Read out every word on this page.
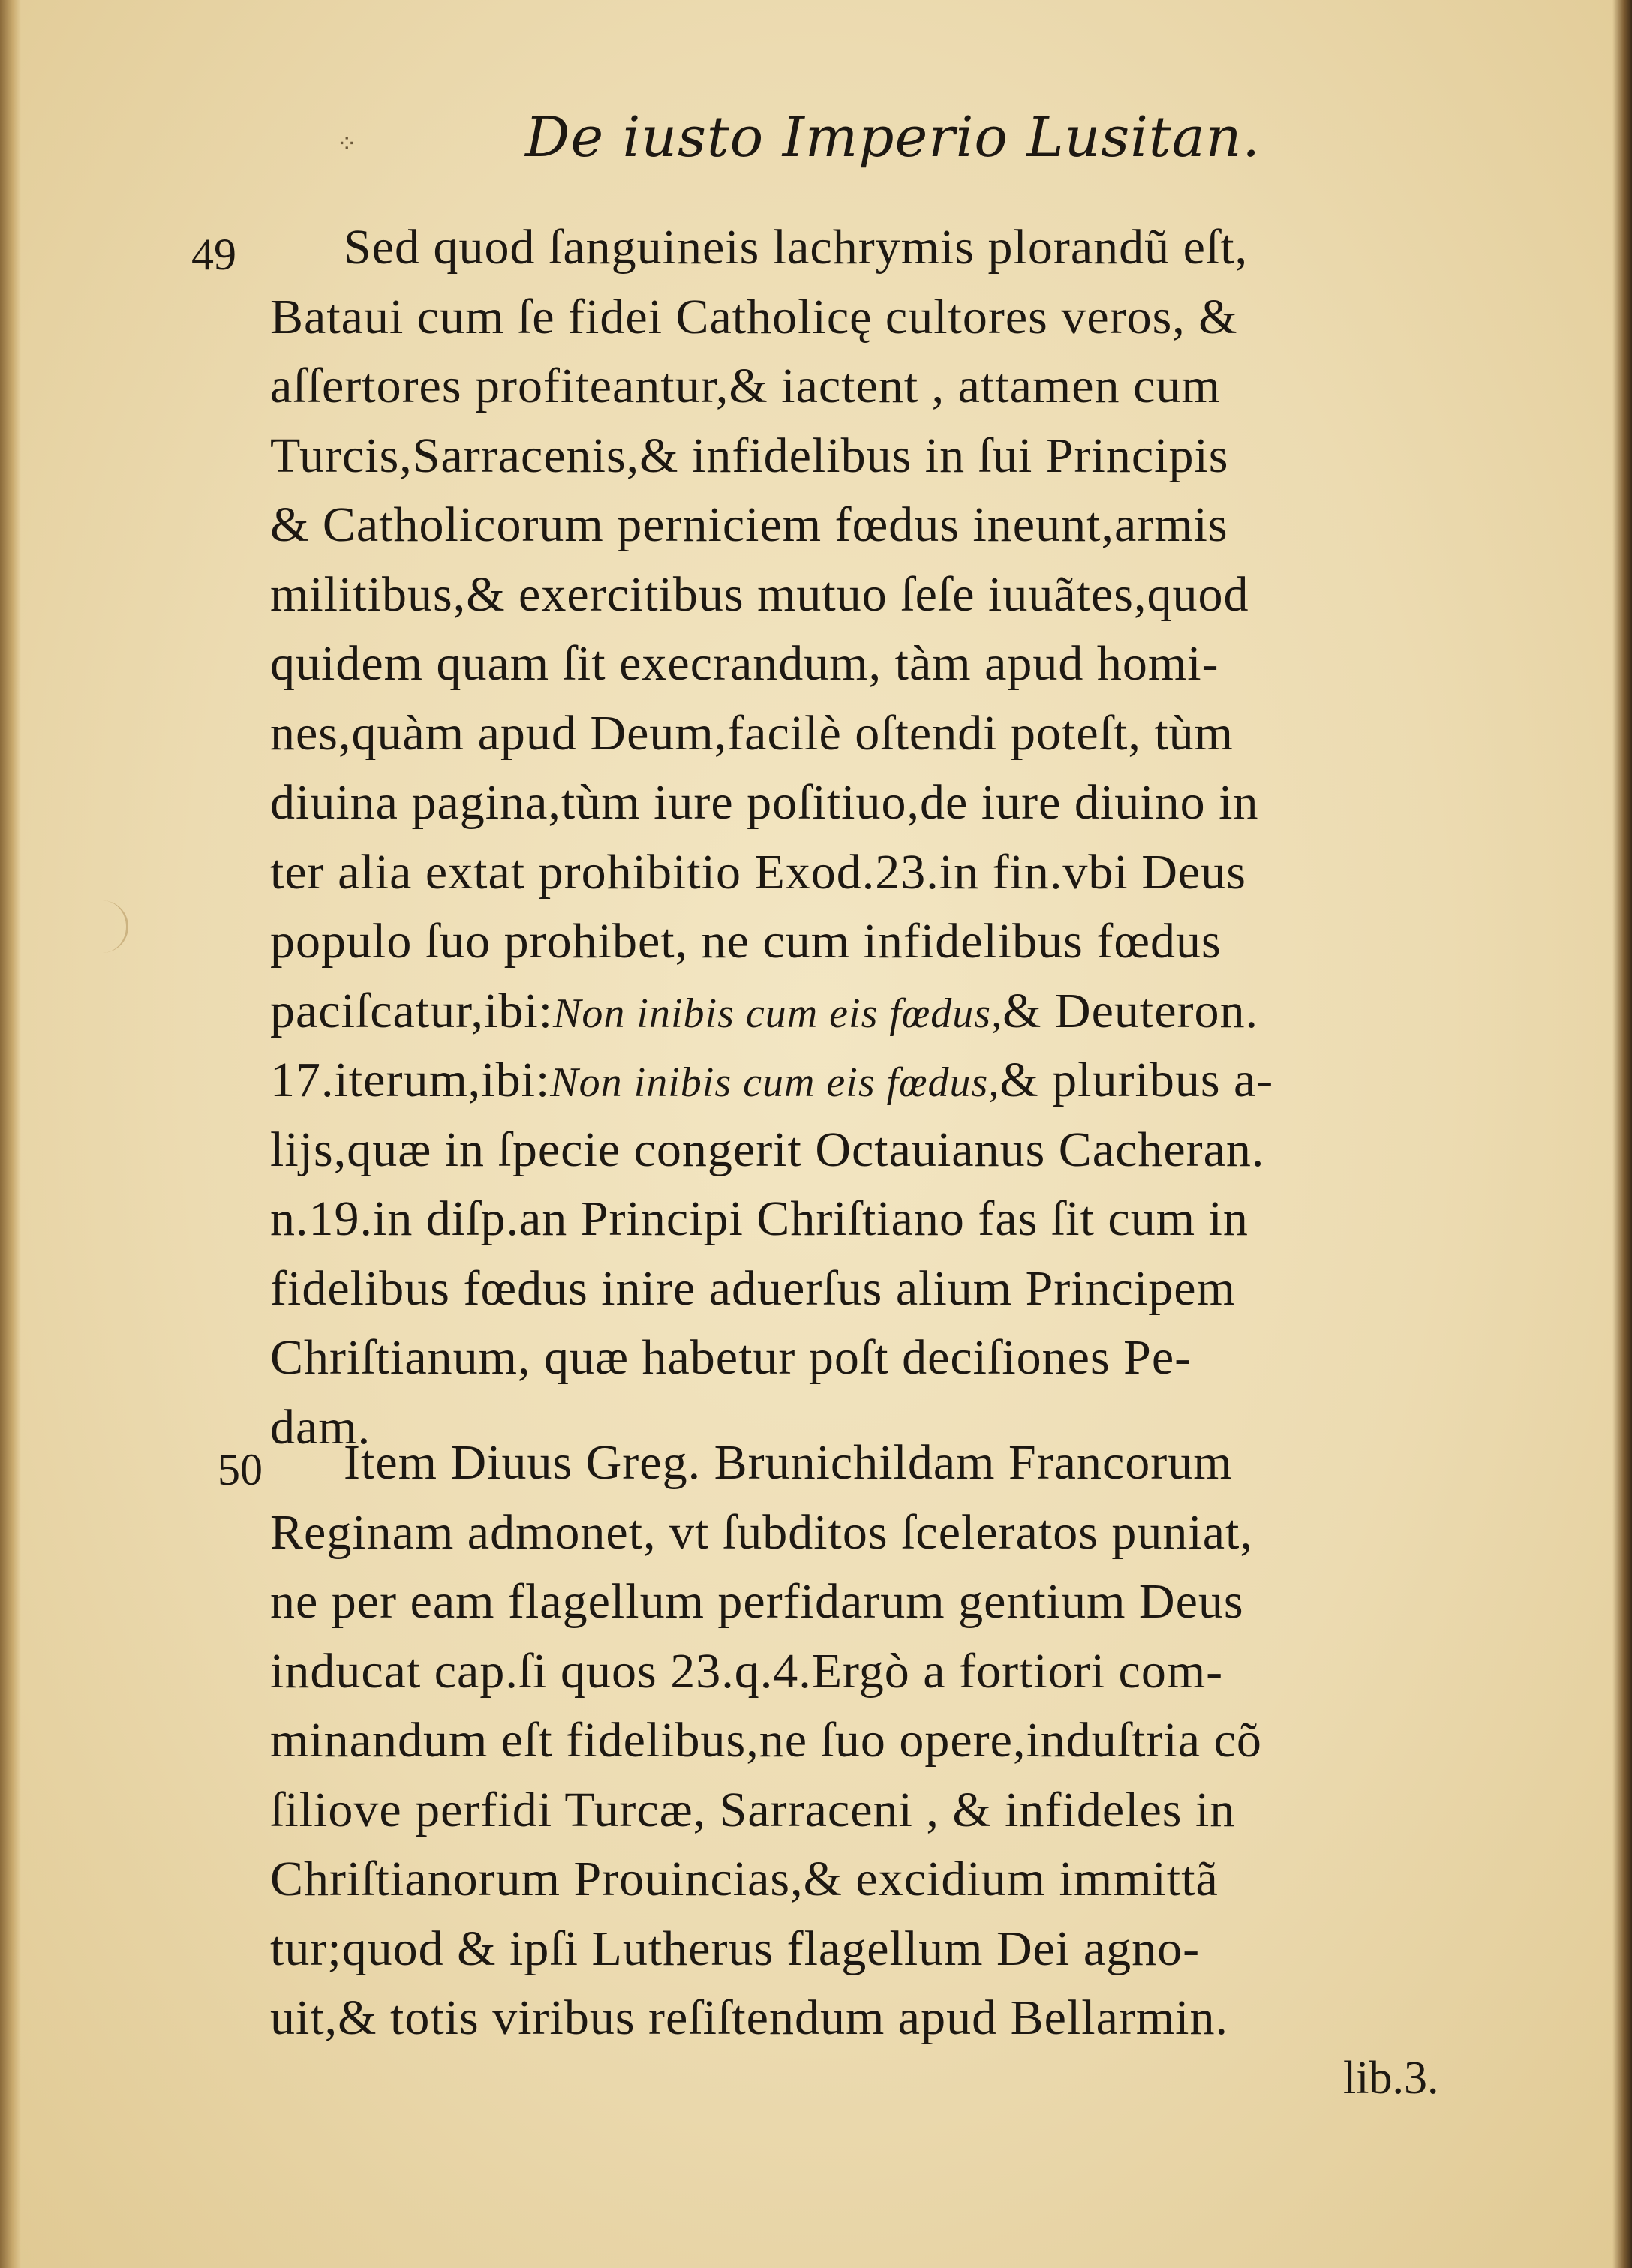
⁘	De iusto Imperio Lusitan.
49
50
Sed quod ſanguineis lachrymis plorandũ eſt,
Bataui cum ſe fidei Catholicę cultores veros, &
aſſertores profiteantur,& iactent , attamen cum
Turcis,Sarracenis,& infidelibus in ſui Principis
& Catholicorum perniciem fœdus ineunt,armis
militibus,& exercitibus mutuo ſeſe iuuãtes,quod
quidem quam ſit execrandum, tàm apud homi-
nes,quàm apud Deum,facilè oſtendi poteſt, tùm
diuina pagina,tùm iure poſitiuo,de iure diuino in
ter alia extat prohibitio Exod.23.in fin.vbi Deus
populo ſuo prohibet, ne cum infidelibus fœdus
paciſcatur,ibi:Non inibis cum eis fœdus,& Deuteron.
17.iterum,ibi:Non inibis cum eis fœdus,& pluribus a-
lijs,quæ in ſpecie congerit Octauianus Cacheran.
n.19.in diſp.an Principi Chriſtiano fas ſit cum in
fidelibus fœdus inire aduerſus alium Principem
Chriſtianum, quæ habetur poſt deciſiones Pe-
dam.
Item Diuus Greg. Brunichildam Francorum
Reginam admonet, vt ſubditos ſceleratos puniat,
ne per eam flagellum perfidarum gentium Deus
inducat cap.ſi quos 23.q.4.Ergò a fortiori com-
minandum eſt fidelibus,ne ſuo opere,induſtria cõ
ſiliove perfidi Turcæ, Sarraceni , & infideles in
Chriſtianorum Prouincias,& excidium immittã
tur;quod & ipſi Lutherus flagellum Dei agno-
uit,& totis viribus reſiſtendum apud Bellarmin.
lib.3.
